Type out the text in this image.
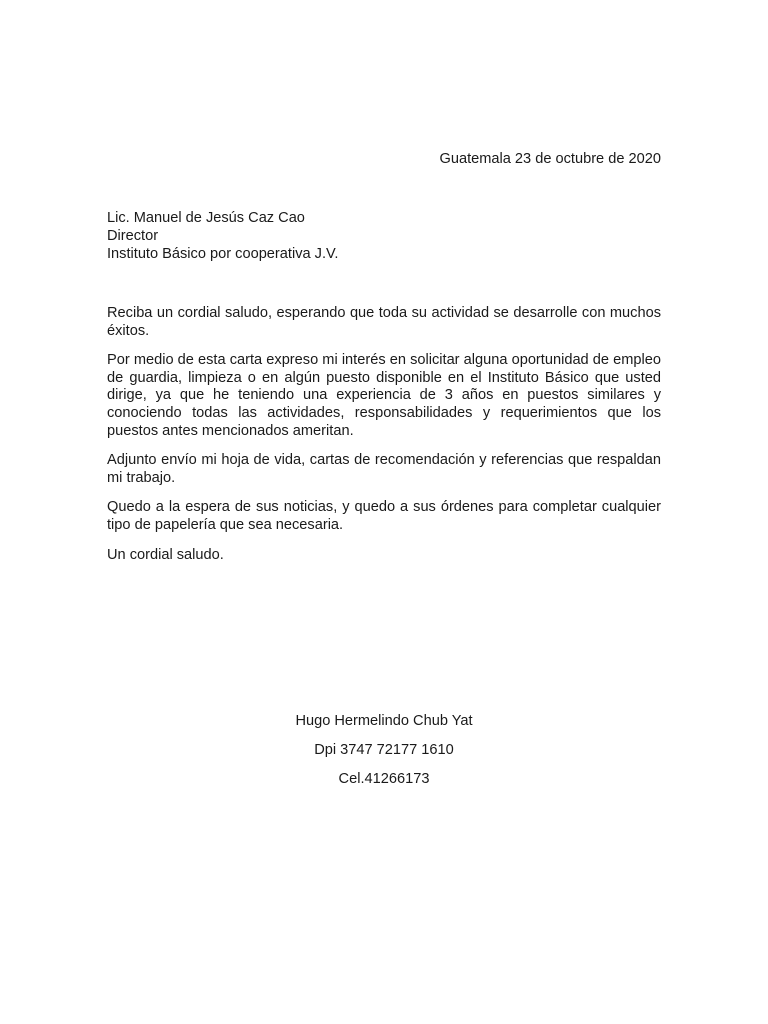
Guatemala 23 de octubre de 2020
Lic. Manuel de Jesús Caz Cao
Director
Instituto Básico por cooperativa J.V.

Reciba un cordial saludo, esperando que toda su actividad se desarrolle con muchos éxitos.

Por medio de esta carta expreso mi interés en solicitar alguna oportunidad de empleo de guardia, limpieza o en algún puesto disponible en el Instituto Básico que usted dirige, ya que he teniendo una experiencia de 3 años en puestos similares y conociendo todas las actividades, responsabilidades y requerimientos que los puestos antes mencionados ameritan.

Adjunto envío mi hoja de vida, cartas de recomendación y referencias que respaldan mi trabajo.

Quedo a la espera de sus noticias, y quedo a sus órdenes para completar cualquier tipo de papelería que sea necesaria.

Un cordial saludo.

Hugo Hermelindo Chub Yat
Dpi 3747 72177 1610
Cel.41266173
